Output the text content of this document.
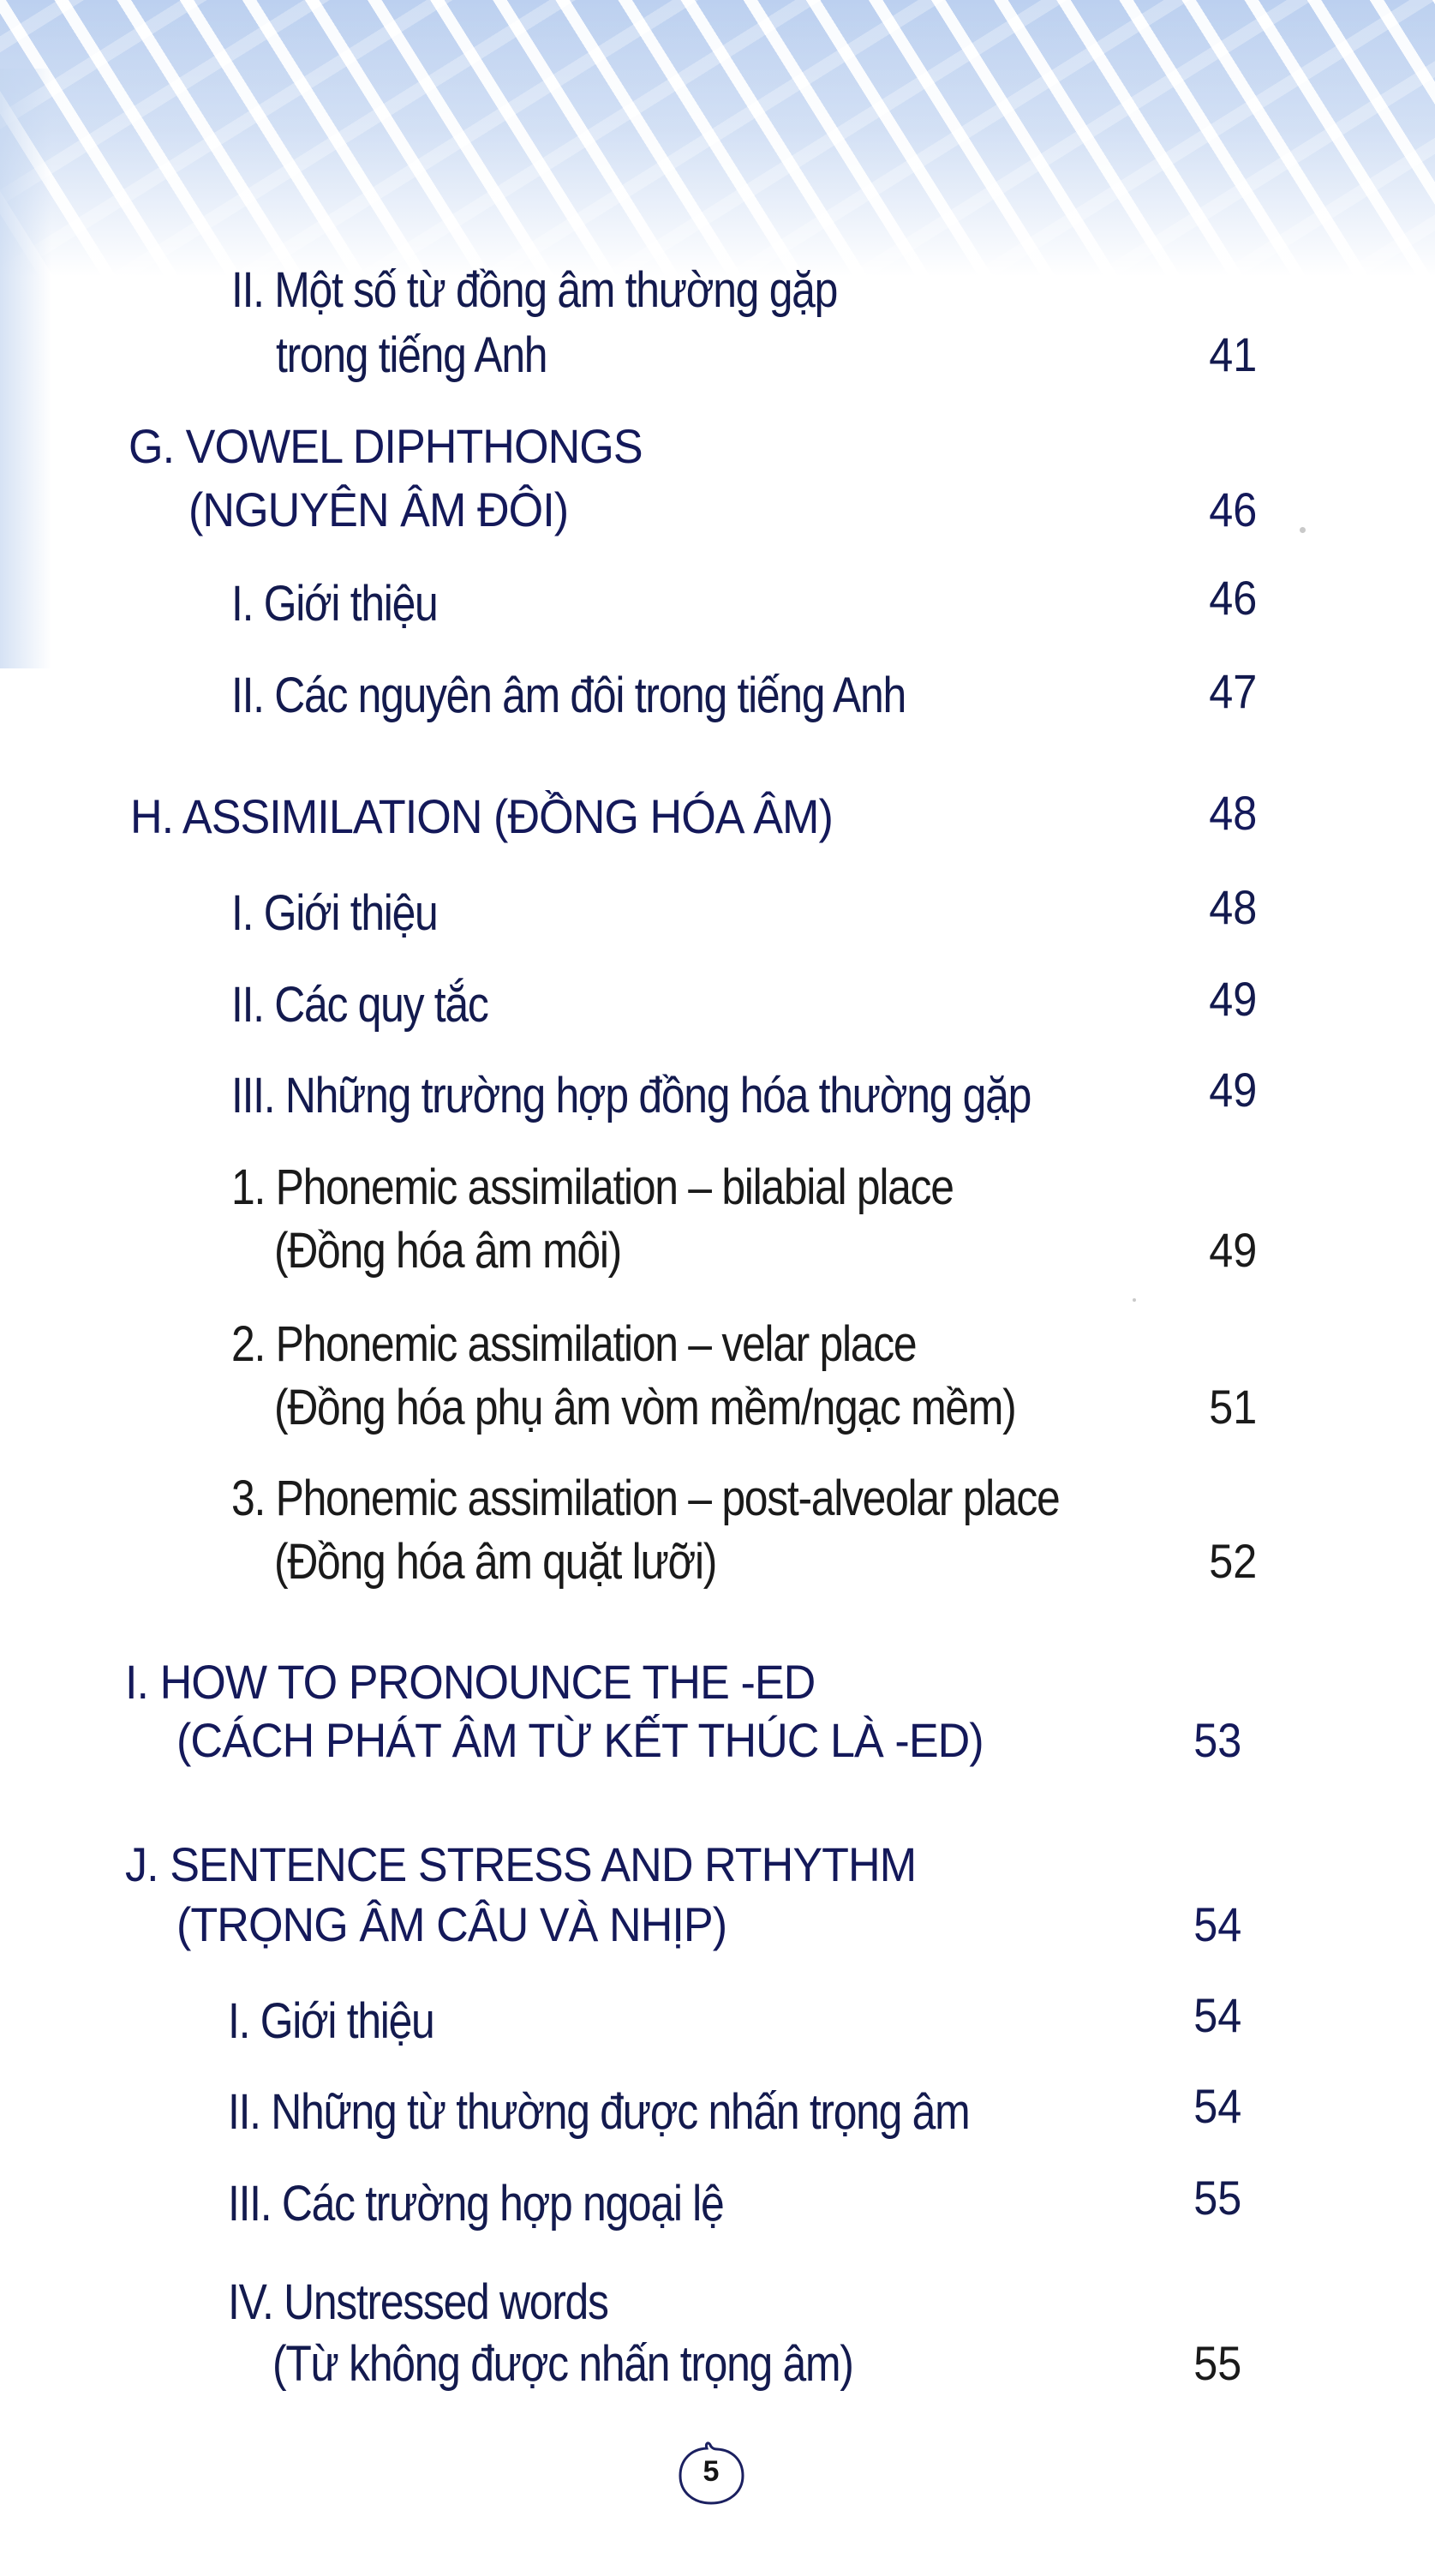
II. Một số từ đồng âm thường gặp
trong tiếng Anh	41
G. VOWEL DIPHTHONGS
(NGUYÊN ÂM ĐÔI)	46
I. Giới thiệu	46
II. Các nguyên âm đôi trong tiếng Anh	47
H. ASSIMILATION (ĐỒNG HÓA ÂM)	48
I. Giới thiệu	48
II. Các quy tắc	49
III. Những trường hợp đồng hóa thường gặp	49
1. Phonemic assimilation – bilabial place
(Đồng hóa âm môi)	49
2. Phonemic assimilation – velar place
(Đồng hóa phụ âm vòm mềm/ngạc mềm)	51
3. Phonemic assimilation – post-alveolar place
(Đồng hóa âm quặt lưỡi)	52
I. HOW TO PRONOUNCE THE -ED
(CÁCH PHÁT ÂM TỪ KẾT THÚC LÀ -ED)	53
J. SENTENCE STRESS AND RTHYTHM
(TRỌNG ÂM CÂU VÀ NHỊP)	54
I. Giới thiệu	54
II. Những từ thường được nhấn trọng âm	54
III. Các trường hợp ngoại lệ	55
IV. Unstressed words
(Từ không được nhấn trọng âm)	55
5
